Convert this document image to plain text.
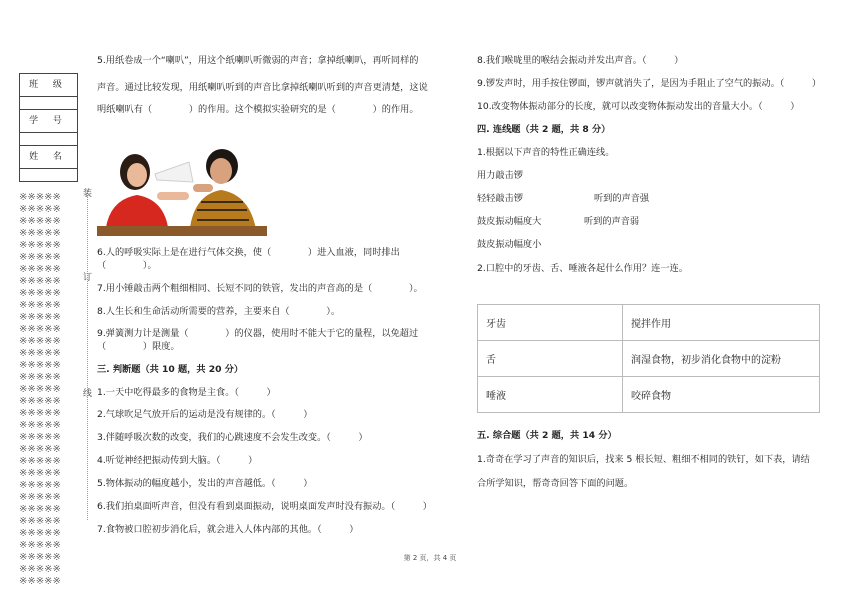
班 级
学 号
姓 名
※※※※※
※※※※※
※※※※※
※※※※※
※※※※※
※※※※※
※※※※※
※※※※※
※※※※※
※※※※※
※※※※※
※※※※※
※※※※※
※※※※※
※※※※※
※※※※※
※※※※※
※※※※※
※※※※※
※※※※※
※※※※※
※※※※※
※※※※※
※※※※※
※※※※※
※※※※※
※※※※※
※※※※※
※※※※※
※※※※※
※※※※※
※※※※※
※※※※※
装
订
线
5.用纸卷成一个“喇叭”，用这个纸喇叭听微弱的声音；拿掉纸喇叭，再听同样的
声音。通过比较发现，用纸喇叭听到的声音比拿掉纸喇叭听到的声音更清楚，这说
明纸喇叭有（　　　　）的作用。这个模拟实验研究的是（　　　　）的作用。
6.人的呼吸实际上是在进行气体交换，使（　　　　）进入血液，同时排出
（　　　　）。
7.用小锤敲击两个粗细相同、长短不同的铁管，发出的声音高的是（　　　　）。
8.人生长和生命活动所需要的营养，主要来自（　　　　）。
9.弹簧测力计是测量（　　　　）的仪器，使用时不能大于它的量程，以免超过
（　　　　）限度。
三. 判断题（共 10 题，共 20 分）
1.一天中吃得最多的食物是主食。（　　　）
2.气球吹足气放开后的运动是没有规律的。（　　　）
3.伴随呼吸次数的改变，我们的心跳速度不会发生改变。（　　　）
4.听觉神经把振动传到大脑。（　　　）
5.物体振动的幅度越小，发出的声音越低。（　　　）
6.我们拍桌面听声音，但没有看到桌面振动，说明桌面发声时没有振动。（　　　）
7.食物被口腔初步消化后，就会进入人体内部的其他。（　　　）
8.我们喉咙里的喉结会振动并发出声音。（　　　）
9.锣发声时，用手按住锣面，锣声就消失了，是因为手阻止了空气的振动。（　　　）
10.改变物体振动部分的长度，就可以改变物体振动发出的音量大小。（　　　）
四. 连线题（共 2 题，共 8 分）
1.根据以下声音的特性正确连线。
用力敲击锣
轻轻敲击锣	听到的声音强
鼓皮振动幅度大	听到的声音弱
鼓皮振动幅度小
2.口腔中的牙齿、舌、唾液各起什么作用？连一连。
牙齿	搅拌作用
舌	润湿食物，初步消化食物中的淀粉
唾液	咬碎食物
五. 综合题（共 2 题，共 14 分）
1.奇奇在学习了声音的知识后，找来 5 根长短、粗细不相同的铁钉，如下表，请结
合所学知识，帮奇奇回答下面的问题。
第 2 页，共 4 页
